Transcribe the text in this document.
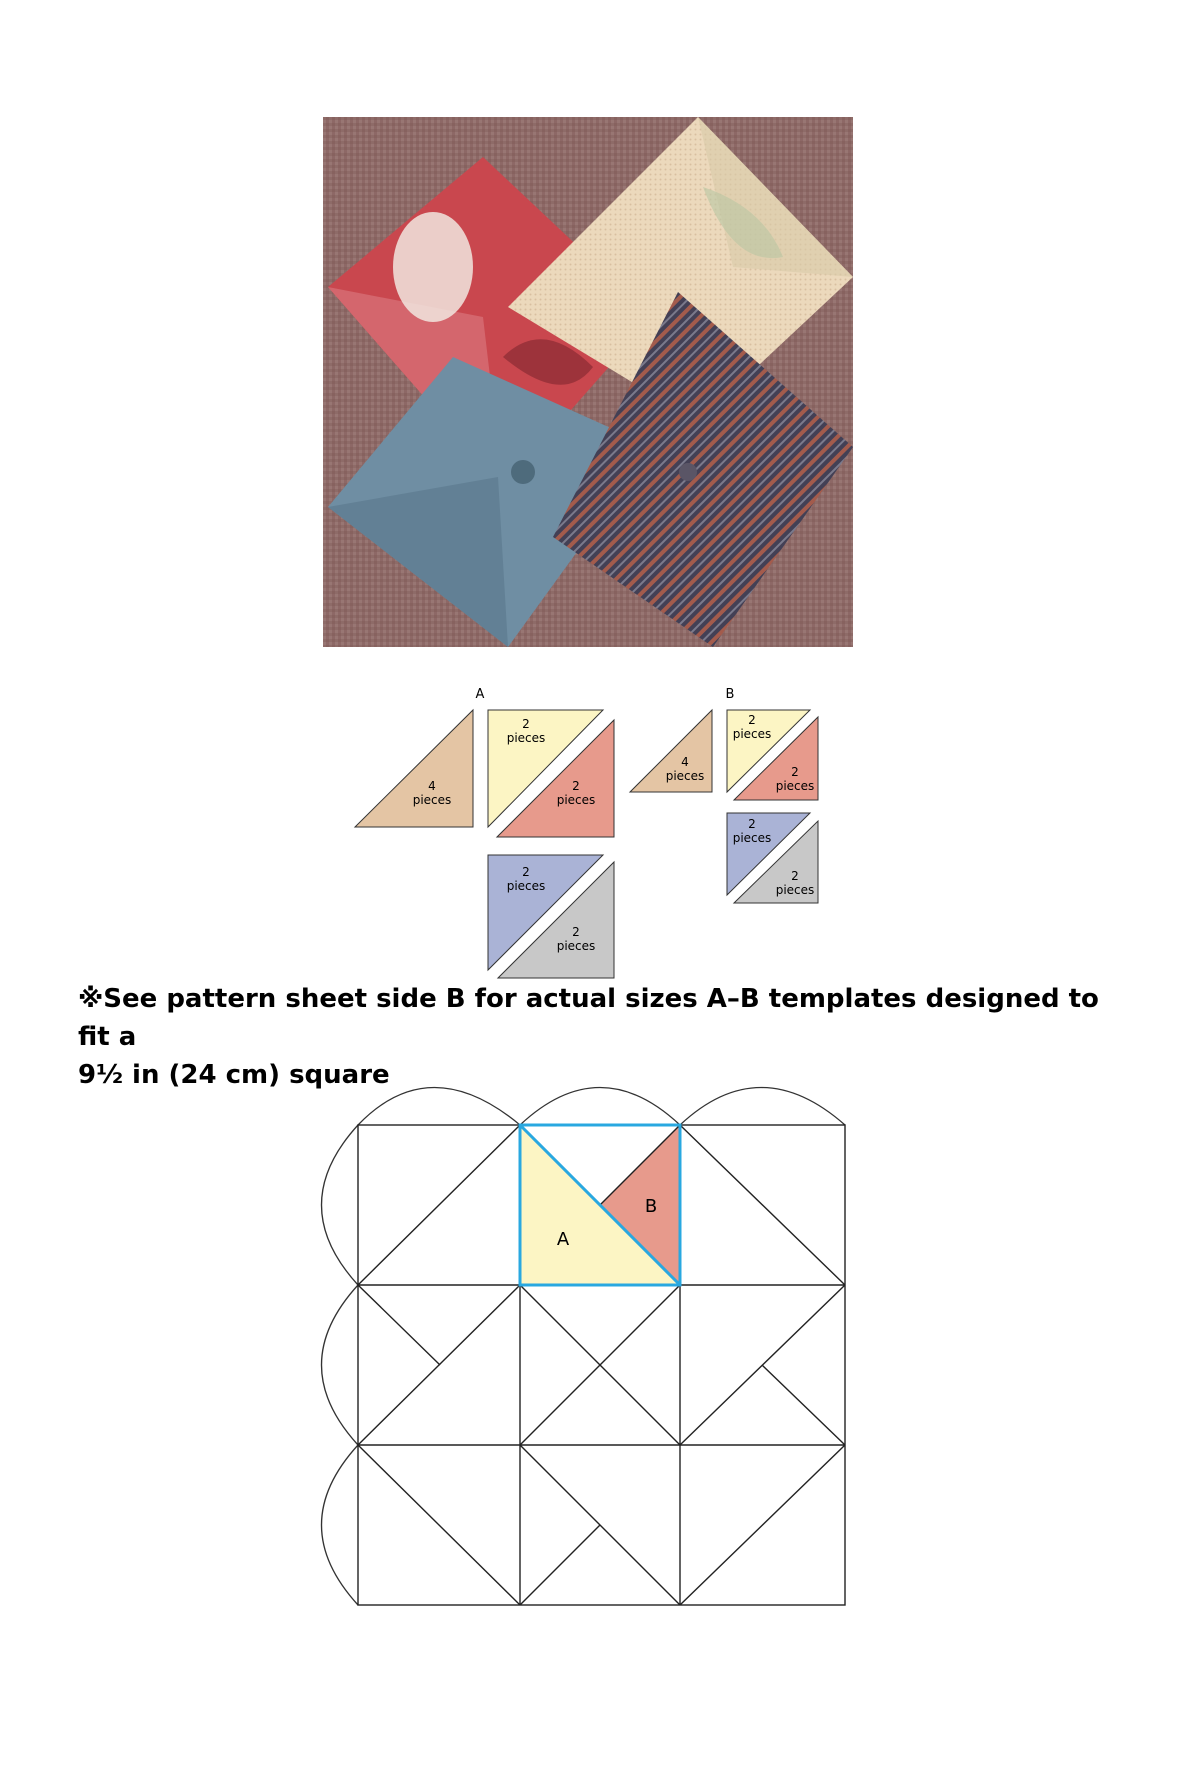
A
4
pieces
2
pieces
2
pieces
2
pieces
2
pieces
B
4
pieces
2
pieces
2
pieces
2
pieces
2
pieces
※See pattern sheet side B for actual sizes A–B templates designed to fit a
9½ in (24 cm) square
A
B
